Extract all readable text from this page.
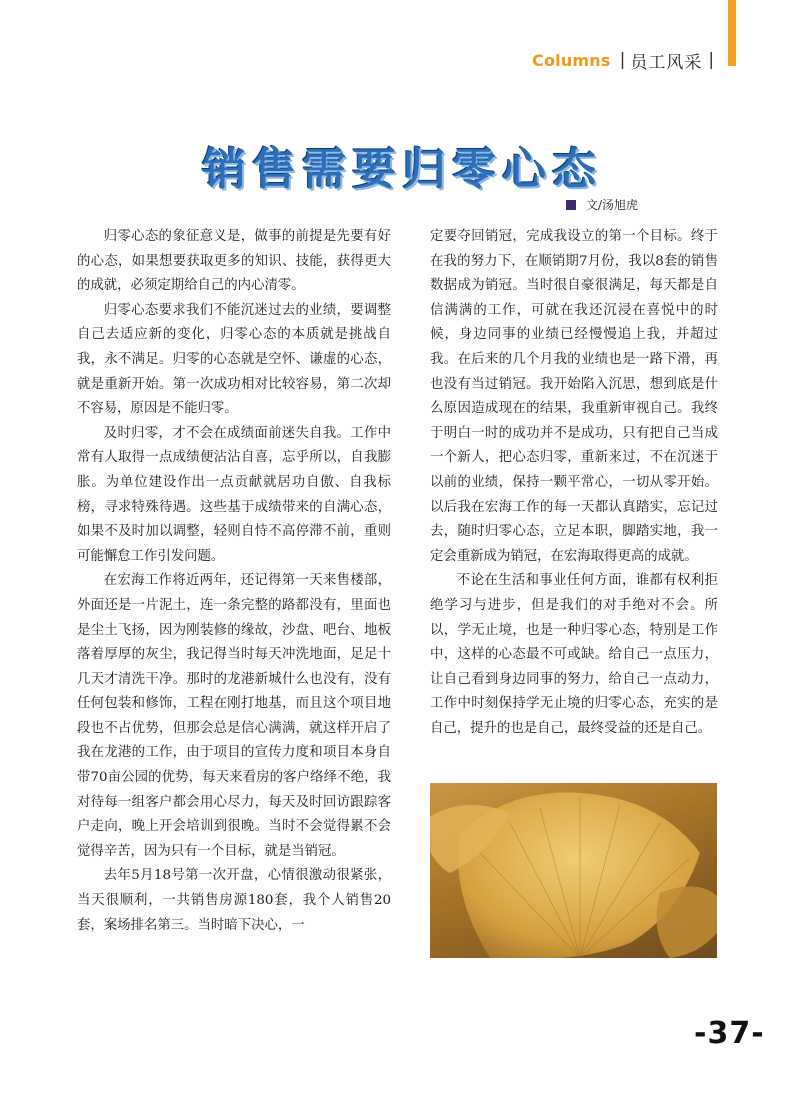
Columns | 员工风采 |
销售需要归零心态
文/汤旭虎

归零心态的象征意义是，做事的前提是先要有好的心态，如果想要获取更多的知识、技能，获得更大的成就，必须定期给自己的内心清零。

归零心态要求我们不能沉迷过去的业绩，要调整自己去适应新的变化，归零心态的本质就是挑战自我，永不满足。归零的心态就是空怀、谦虚的心态，就是重新开始。第一次成功相对比较容易，第二次却不容易，原因是不能归零。

及时归零，才不会在成绩面前迷失自我。工作中常有人取得一点成绩便沾沾自喜，忘乎所以，自我膨胀。为单位建设作出一点贡献就居功自傲、自我标榜，寻求特殊待遇。这些基于成绩带来的自满心态，如果不及时加以调整，轻则自恃不高停滞不前，重则可能懈怠工作引发问题。

在宏海工作将近两年，还记得第一天来售楼部，外面还是一片泥土，连一条完整的路都没有，里面也是尘土飞扬，因为刚装修的缘故，沙盘、吧台、地板落着厚厚的灰尘，我记得当时每天冲洗地面，足足十几天才清洗干净。那时的龙港新城什么也没有，没有任何包装和修饰，工程在刚打地基，而且这个项目地段也不占优势，但那会总是信心满满，就这样开启了我在龙港的工作，由于项目的宣传力度和项目本身自带70亩公园的优势，每天来看房的客户络绎不绝，我对待每一组客户都会用心尽力，每天及时回访跟踪客户走向，晚上开会培训到很晚。当时不会觉得累不会觉得辛苦，因为只有一个目标，就是当销冠。

去年5月18号第一次开盘，心情很激动很紧张，当天很顺利，一共销售房源180套，我个人销售20套，案场排名第三。当时暗下决心，一

定要夺回销冠，完成我设立的第一个目标。终于在我的努力下，在顺销期7月份，我以8套的销售数据成为销冠。当时很自豪很满足，每天都是自信满满的工作，可就在我还沉浸在喜悦中的时候，身边同事的业绩已经慢慢追上我，并超过我。在后来的几个月我的业绩也是一路下滑，再也没有当过销冠。我开始陷入沉思，想到底是什么原因造成现在的结果，我重新审视自己。我终于明白一时的成功并不是成功，只有把自己当成一个新人，把心态归零，重新来过，不在沉迷于以前的业绩，保持一颗平常心，一切从零开始。以后我在宏海工作的每一天都认真踏实，忘记过去，随时归零心态，立足本职，脚踏实地，我一定会重新成为销冠，在宏海取得更高的成就。

不论在生活和事业任何方面，谁都有权利拒绝学习与进步，但是我们的对手绝对不会。所以，学无止境，也是一种归零心态，特别是工作中，这样的心态最不可或缺。给自己一点压力，让自己看到身边同事的努力，给自己一点动力，工作中时刻保持学无止境的归零心态，充实的是自己，提升的也是自己，最终受益的还是自己。

-37-
